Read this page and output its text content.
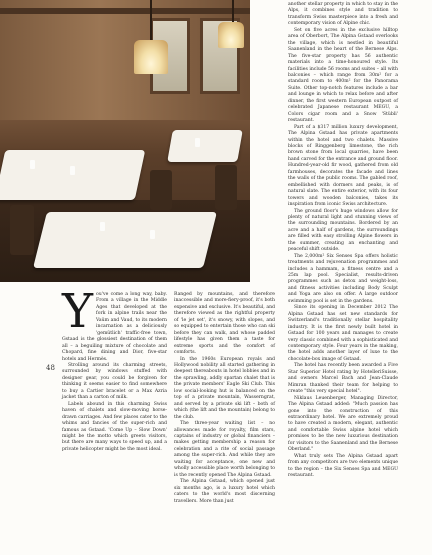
48

You've come a long way, baby. From a village in the Middle Ages that developed at the fork in alpine trails near the Vaüm and Vaud, to its modern incarnation as a deliciously 'gemütlich' traffic-free town, Gstaad is the glossiest destination of them all – a beguiling mixture of chocolate and Chopard, fine dining and Dior, five-star hotels and Hermès.

Strolling around its charming streets, surrounded by windows stuffed with designer gear, you could be forgiven for thinking it seems easier to find somewhere to buy a Cartier bracelet or a Max Azria jacket than a carton of milk.

Labels abound in this charming Swiss haven of chalets and slow-moving horse-drawn carriages. And few places cater to the whims and fancies of the super-rich and famous as Gstaad. 'Come Up – Slow Down' might be the motto which greets visitors, but there are many ways to speed up, and a private helicopter might be the most ideal.

Ranged by mountains, and therefore inaccessible and more-fiery-proof, it's both expensive and exclusive. It's beautiful, and therefore viewed as the rightful property of 'le jet set', it's snowy, with slopes, and so equipped to entertain those who can ski before they can walk, and whose padded lifestyle has given them a taste for extreme sports and the comfort of comforts.

In the 1960s European royals and Hollywood nobility all started gathering in deepest thereabouts in hotel lobbies and in the sprawling, addly spartan chalet that is the private members' Eagle Ski Club. This low social-looking hut is balanced on the top of a private mountain, Wasserngrat, and served by a private ski lift – both of which (the lift and the mountain) belong to the club.

The three-year waiting list – no allowances made for royalty, film stars, captains of industry or global financiers – makes getting membership a reason for celebration and a rite of social passage among the super-rich. And while they are waiting for acceptance, one new and wholly accessible place worth belonging to is the recently opened The Alpina Gstaad.

The Alpina Gstaad, which opened just six months ago, is a luxury hotel which caters to the world's most discerning travellers. More than just

another stellar property in which to stay in the Alps, it combines style and tradition to transform Swiss masterpiece into a fresh and contemporary vision of Alpine chic.

Set on five acres in the exclusive hilltop area of Oberbort, The Alpina Gstaad overlooks the village, which is nestled in beautiful Saanenland in the heart of the Bernese Alps. The five-star property has 56 authentic materials into a time-honoured style. Its facilities include 56 rooms and suites – all with balconies – which range from 30m² for a standard room to 400m² for the Panorama Suite. Other top-notch features include a bar and lounge in which to relax before and after dinner, the first western European outpost of celebrated Japanese restaurant MEGU, a Colors cigar room and a Snow 'Stübli' restaurant.

Part of a $317 million luxury development, The Alpina Gstaad has private apartments within the hotel and two chalets. Massive blocks of Ringgenberg limestone, the rich brown stone from local quarries, have been hand carved for the entrance and ground floor. Hundred-year-old fir wood, gathered from old farmhouses, decorates the facade and lines the walls of the public rooms. The gabled roof, embellished with dormers and peaks, is of natural slate. The entire exterior, with its four towers and wooden balconies, takes its inspiration from iconic Swiss architecture.

The ground floor's huge windows allow for plenty of natural light and stunning views of the surrounding mountains. Bordered by an acre and a half of gardens, the surroundings are filled with easy strolling Alpine flowers in the summer, creating an enchanting and peaceful shift outside.

The 2,000m² Six Senses Spa offers holistic treatments and rejuvenation programmes and includes a hammam, a fitness centre and a 25m lap pool. Specialist, results-driven programmes such as detox and weight-loss, and fitness activities including Body Sculpt and Yoga are also on offer. A large outdoor swimming pool is set in the gardens.

Since its opening in December 2012 The Alpina Gstaad has set new standards for Switzerland's traditionally stellar hospitality industry. It is the first newly built hotel in Gstaad for 100 years and manages to create very classic combined with a sophisticated and contemporary style. Four years in the making, the hotel adds another layer of luxe to the chocolate-box image of Gstaad.

The hotel has recently been awarded a Five Star Superior Hotel rating by HotelleriSuisse, and owners Marcel Bach and Jean-Claude Mimran thanked their team for helping to create "this very special hotel".

Niklaus Leuenberger, Managing Director, The Alpina Gstaad added: "Much passion has gone into the construction of this extraordinary hotel. We are extremely proud to have created a modern, elegant, authentic and comfortable Swiss alpine hotel which promises to be the new luxurious destination for visitors to the Saanenland and the Bernese Oberland."

What truly sets The Alpina Gstaad apart from any competitors are two elements unique to the region – the Six Senses Spa and MEGU restaurant.
